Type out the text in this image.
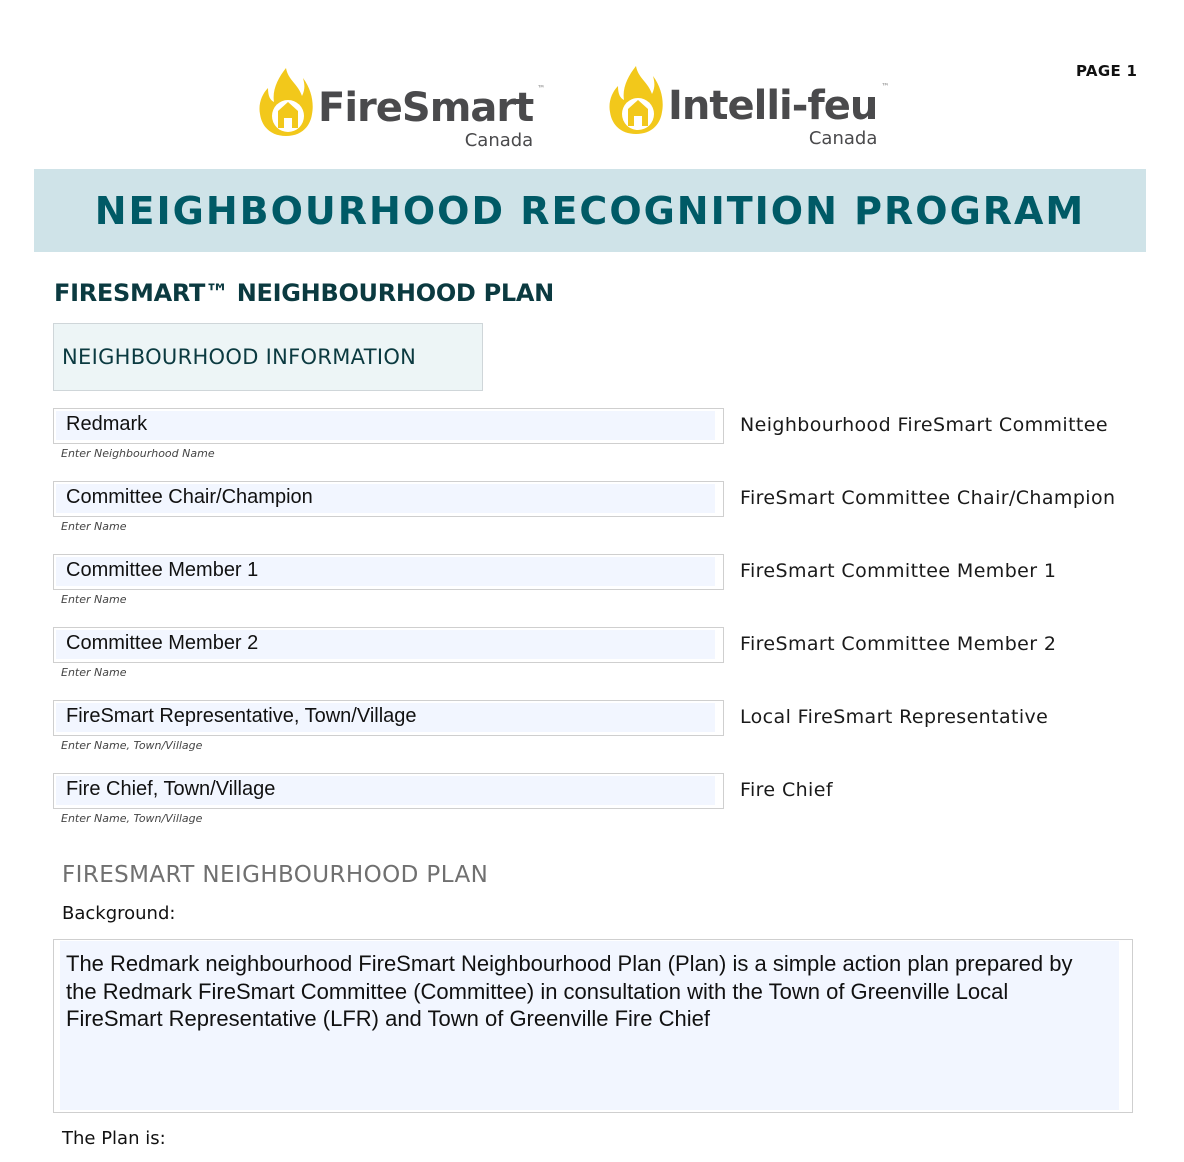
PAGE 1
FireSmart ™
Canada
Intelli-feu ™
Canada
NEIGHBOURHOOD RECOGNITION PROGRAM
FIRESMART™ NEIGHBOURHOOD PLAN
NEIGHBOURHOOD INFORMATION
Redmark
Enter Neighbourhood Name
Neighbourhood FireSmart Committee
Committee Chair/Champion
Enter Name
FireSmart Committee Chair/Champion
Committee Member 1
Enter Name
FireSmart Committee Member 1
Committee Member 2
Enter Name
FireSmart Committee Member 2
FireSmart Representative, Town/Village
Enter Name, Town/Village
Local FireSmart Representative
Fire Chief, Town/Village
Enter Name, Town/Village
Fire Chief
FIRESMART NEIGHBOURHOOD PLAN
Background:
The Redmark neighbourhood FireSmart Neighbourhood Plan (Plan) is a simple action plan prepared by the Redmark FireSmart Committee (Committee) in consultation with the Town of Greenville Local FireSmart Representative (LFR) and Town of Greenville Fire Chief
The Plan is:
